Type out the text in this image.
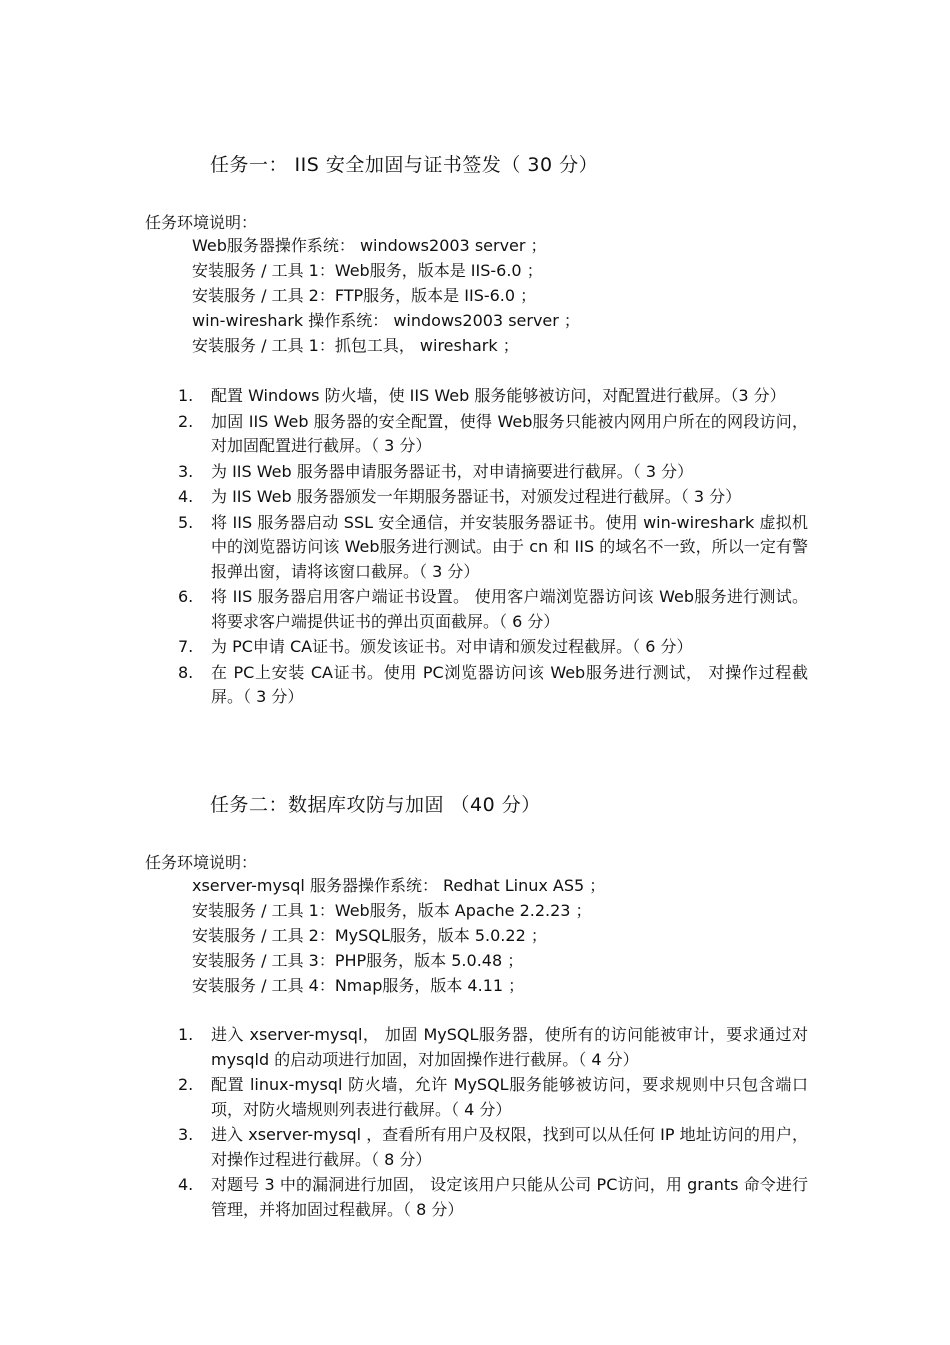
任务一： IIS 安全加固与证书签发（ 30 分）
任务环境说明：
Web服务器操作系统： windows2003 server ；
安装服务 / 工具 1：Web服务，版本是 IIS-6.0 ；
安装服务 / 工具 2：FTP服务，版本是 IIS-6.0 ；
win-wireshark 操作系统： windows2003 server ；
安装服务 / 工具 1：抓包工具， wireshark ；
1. 配置 Windows 防火墙，使 IIS Web 服务能够被访问，对配置进行截屏。（3 分）
2. 加固 IIS Web 服务器的安全配置，使得 Web服务只能被内网用户所在的网段访问，对加固配置进行截屏。（ 3 分）
3. 为 IIS Web 服务器申请服务器证书，对申请摘要进行截屏。（ 3 分）
4. 为 IIS Web 服务器颁发一年期服务器证书，对颁发过程进行截屏。（ 3 分）
5. 将 IIS 服务器启动 SSL 安全通信，并安装服务器证书。使用 win-wireshark 虚拟机中的浏览器访问该 Web服务进行测试。由于 cn 和 IIS 的域名不一致，所以一定有警报弹出窗，请将该窗口截屏。（ 3 分）
6. 将 IIS 服务器启用客户端证书设置。 使用客户端浏览器访问该 Web服务进行测试。将要求客户端提供证书的弹出页面截屏。（ 6 分）
7. 为 PC申请 CA证书。颁发该证书。对申请和颁发过程截屏。（ 6 分）
8. 在 PC上安装 CA证书。使用 PC浏览器访问该 Web服务进行测试， 对操作过程截屏。（ 3 分）
任务二：数据库攻防与加固 （40 分）
任务环境说明：
xserver-mysql 服务器操作系统： Redhat Linux AS5 ；
安装服务 / 工具 1：Web服务，版本 Apache 2.2.23 ；
安装服务 / 工具 2：MySQL服务，版本 5.0.22 ；
安装服务 / 工具 3：PHP服务，版本 5.0.48 ；
安装服务 / 工具 4：Nmap服务，版本 4.11 ；
1. 进入 xserver-mysql， 加固 MySQL服务器，使所有的访问能被审计，要求通过对 mysqld 的启动项进行加固，对加固操作进行截屏。（ 4 分）
2. 配置 linux-mysql 防火墙，允许 MySQL服务能够被访问，要求规则中只包含端口项，对防火墙规则列表进行截屏。（ 4 分）
3. 进入 xserver-mysql ，查看所有用户及权限，找到可以从任何 IP 地址访问的用户，对操作过程进行截屏。（ 8 分）
4. 对题号 3 中的漏洞进行加固， 设定该用户只能从公司 PC访问，用 grants 命令进行管理，并将加固过程截屏。（ 8 分）
